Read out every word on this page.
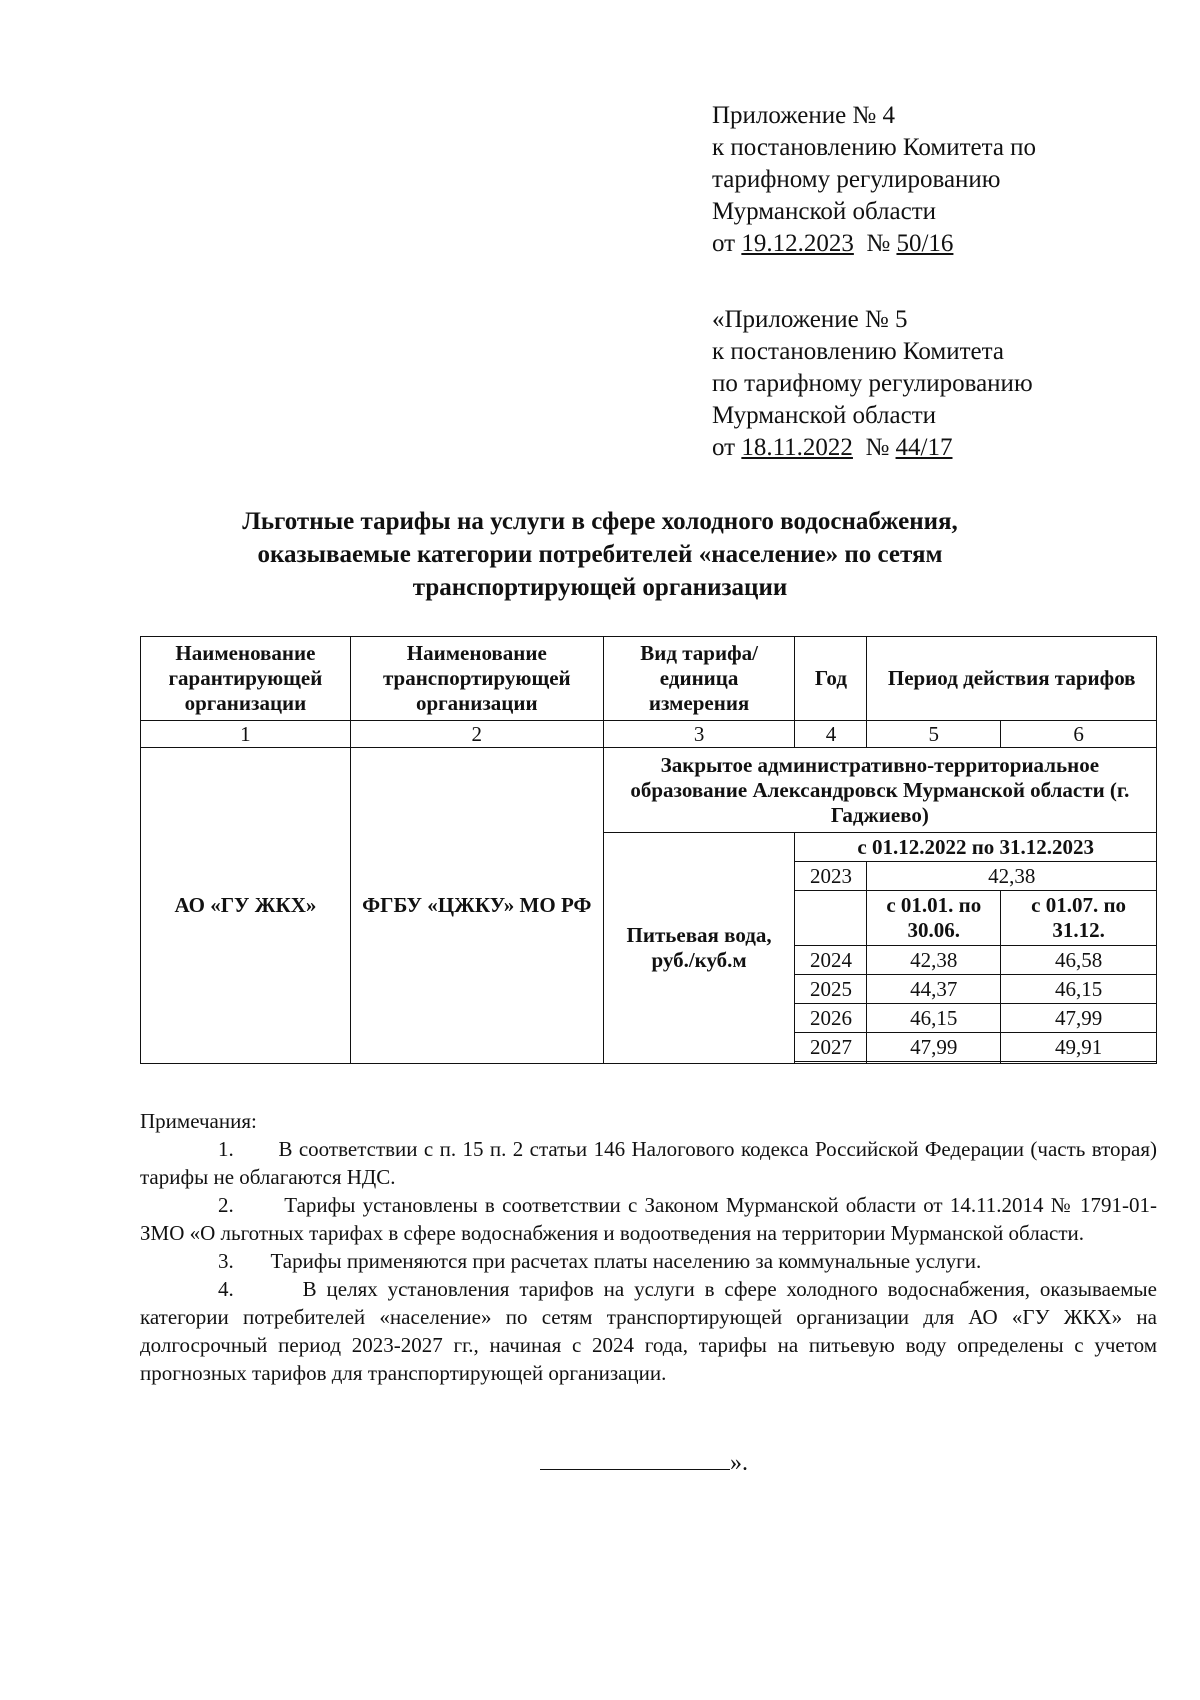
Приложение № 4
к постановлению Комитета по
тарифному регулированию
Мурманской области
от 19.12.2023 № 50/16
«Приложение № 5
к постановлению Комитета
по тарифному регулированию
Мурманской области
от 18.11.2022 № 44/17
Льготные тарифы на услуги в сфере холодного водоснабжения,
оказываемые категории потребителей «население» по сетям
транспортирующей организации
Наименование гарантирующей организации	Наименование транспортирующей организации	Вид тарифа/ единица измерения	Год	Период действия тарифов	
1	2	3	4	5	6
АО «ГУ ЖКХ»	ФГБУ «ЦЖКУ» МО РФ	Закрытое административно-территориальное образование Александровск Мурманской области (г. Гаджиево)			
		Питьевая вода, руб./куб.м	с 01.12.2022 по 31.12.2023		
			2023	42,38	
				с 01.01. по 30.06.	с 01.07. по 31.12.
			2024	42,38	46,58
			2025	44,37	46,15
			2026	46,15	47,99
			2027	47,99	49,91

Примечания:

1.       В соответствии с п. 15 п. 2 статьи 146 Налогового кодекса Российской Федерации (часть вторая) тарифы не облагаются НДС.

2.       Тарифы установлены в соответствии с Законом Мурманской области от 14.11.2014 № 1791-01-ЗМО «О льготных тарифах в сфере водоснабжения и водоотведения на территории Мурманской области.

3.       Тарифы применяются при расчетах платы населению за коммунальные услуги.

4.       В целях установления тарифов на услуги в сфере холодного водоснабжения, оказываемые категории потребителей «население» по сетям транспортирующей организации для АО «ГУ ЖКХ» на долгосрочный период 2023-2027 гг., начиная с 2024 года, тарифы на питьевую воду определены с учетом прогнозных тарифов для транспортирующей организации.

».
